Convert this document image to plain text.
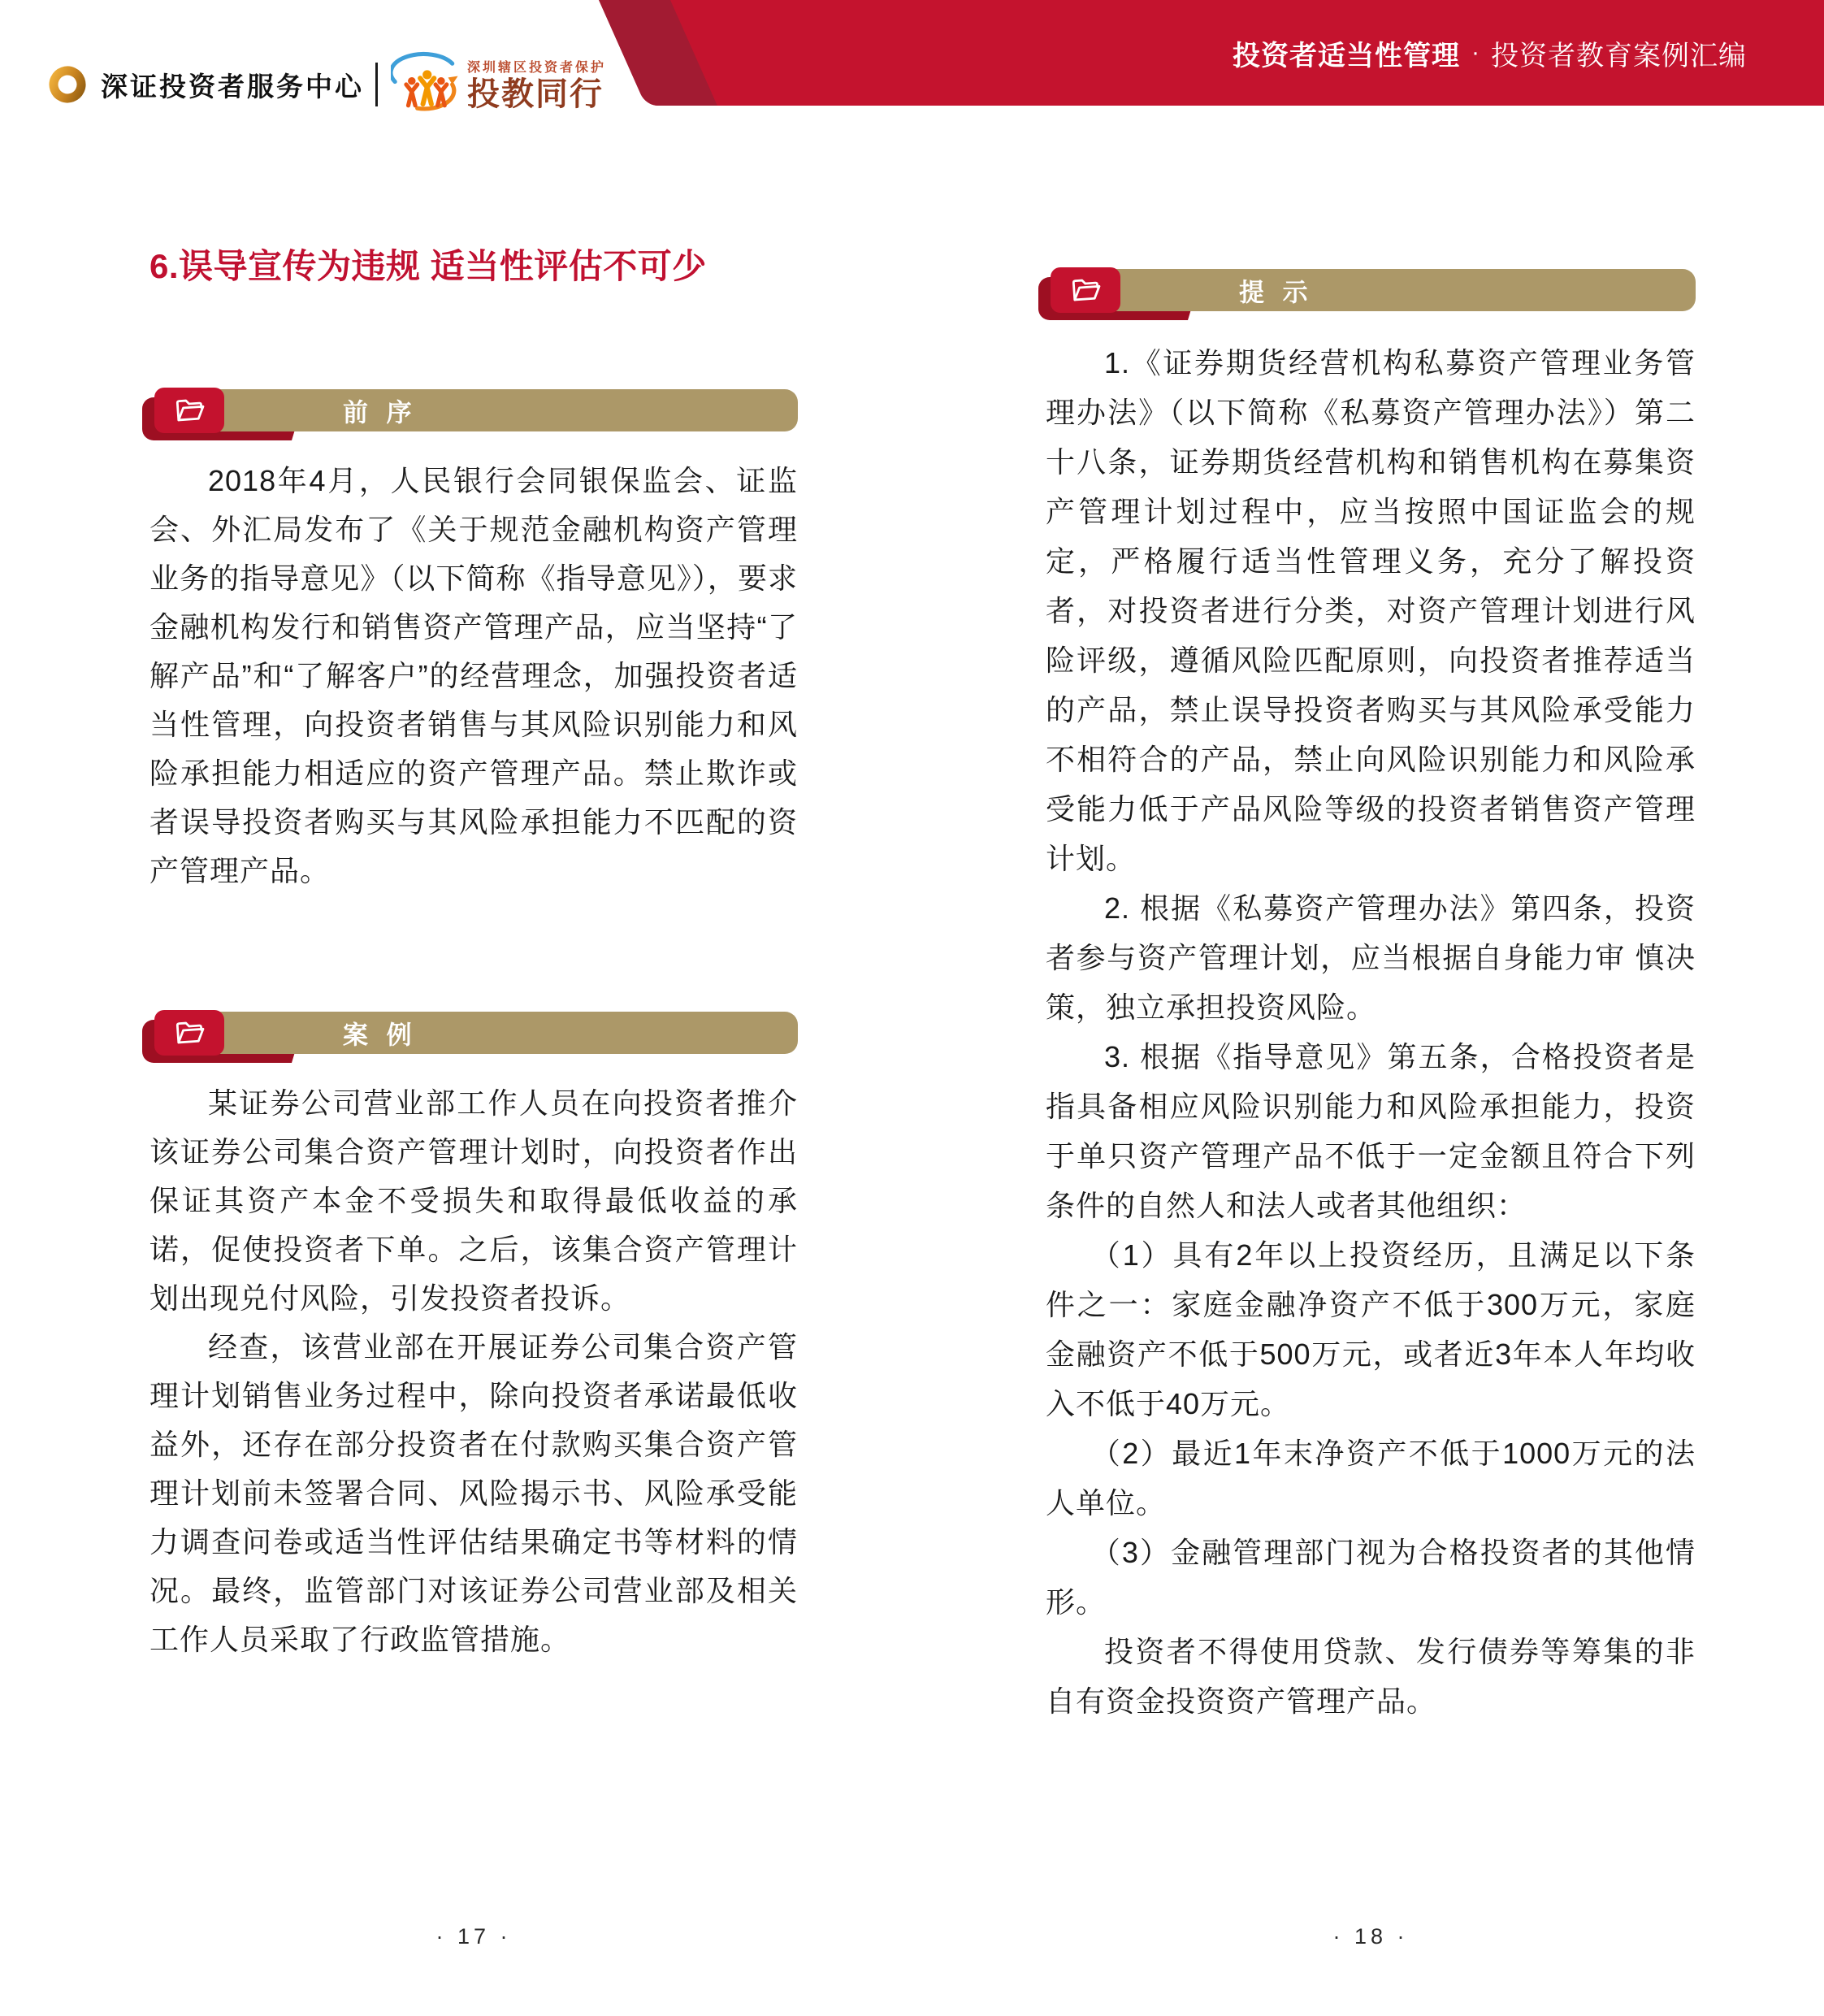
深证投资者服务中心
深圳辖区投资者保护
投教同行
投资者适当性管理 · 投资者教育案例汇编
6.误导宣传为违规 适当性评估不可少
前 序

2018年4月，人民银行会同银保监会、证监会、外汇局发布了《关于规范金融机构资产管理业务的指导意见》（以下简称《指导意见》），要求金融机构发行和销售资产管理产品，应当坚持“了解产品”和“了解客户”的经营理念，加强投资者适当性管理，向投资者销售与其风险识别能力和风险承担能力相适应的资产管理产品。禁止欺诈或者误导投资者购买与其风险承担能力不匹配的资产管理产品。

案 例

某证券公司营业部工作人员在向投资者推介该证券公司集合资产管理计划时，向投资者作出保证其资产本金不受损失和取得最低收益的承诺，促使投资者下单。之后，该集合资产管理计划出现兑付风险，引发投资者投诉。

经查，该营业部在开展证券公司集合资产管理计划销售业务过程中，除向投资者承诺最低收益外，还存在部分投资者在付款购买集合资产管理计划前未签署合同、风险揭示书、风险承受能力调查问卷或适当性评估结果确定书等材料的情况。最终，监管部门对该证券公司营业部及相关工作人员采取了行政监管措施。

提 示

1.《证券期货经营机构私募资产管理业务管理办法》（以下简称《私募资产管理办法》）第二十八条，证券期货经营机构和销售机构在募集资产管理计划过程中，应当按照中国证监会的规定，严格履行适当性管理义务，充分了解投资者，对投资者进行分类，对资产管理计划进行风险评级，遵循风险匹配原则，向投资者推荐适当的产品，禁止误导投资者购买与其风险承受能力不相符合的产品，禁止向风险识别能力和风险承受能力低于产品风险等级的投资者销售资产管理计划。

2. 根据《私募资产管理办法》第四条，投资者参与资产管理计划，应当根据自身能力审 慎决策，独立承担投资风险。

3. 根据《指导意见》第五条，合格投资者是指具备相应风险识别能力和风险承担能力，投资于单只资产管理产品不低于一定金额且符合下列条件的自然人和法人或者其他组织：

（1）具有2年以上投资经历，且满足以下条件之一：家庭金融净资产不低于300万元，家庭金融资产不低于500万元，或者近3年本人年均收入不低于40万元。

（2）最近1年末净资产不低于1000万元的法人单位。

（3）金融管理部门视为合格投资者的其他情形。

投资者不得使用贷款、发行债券等筹集的非自有资金投资资产管理产品。

· 17 ·	· 18 ·
